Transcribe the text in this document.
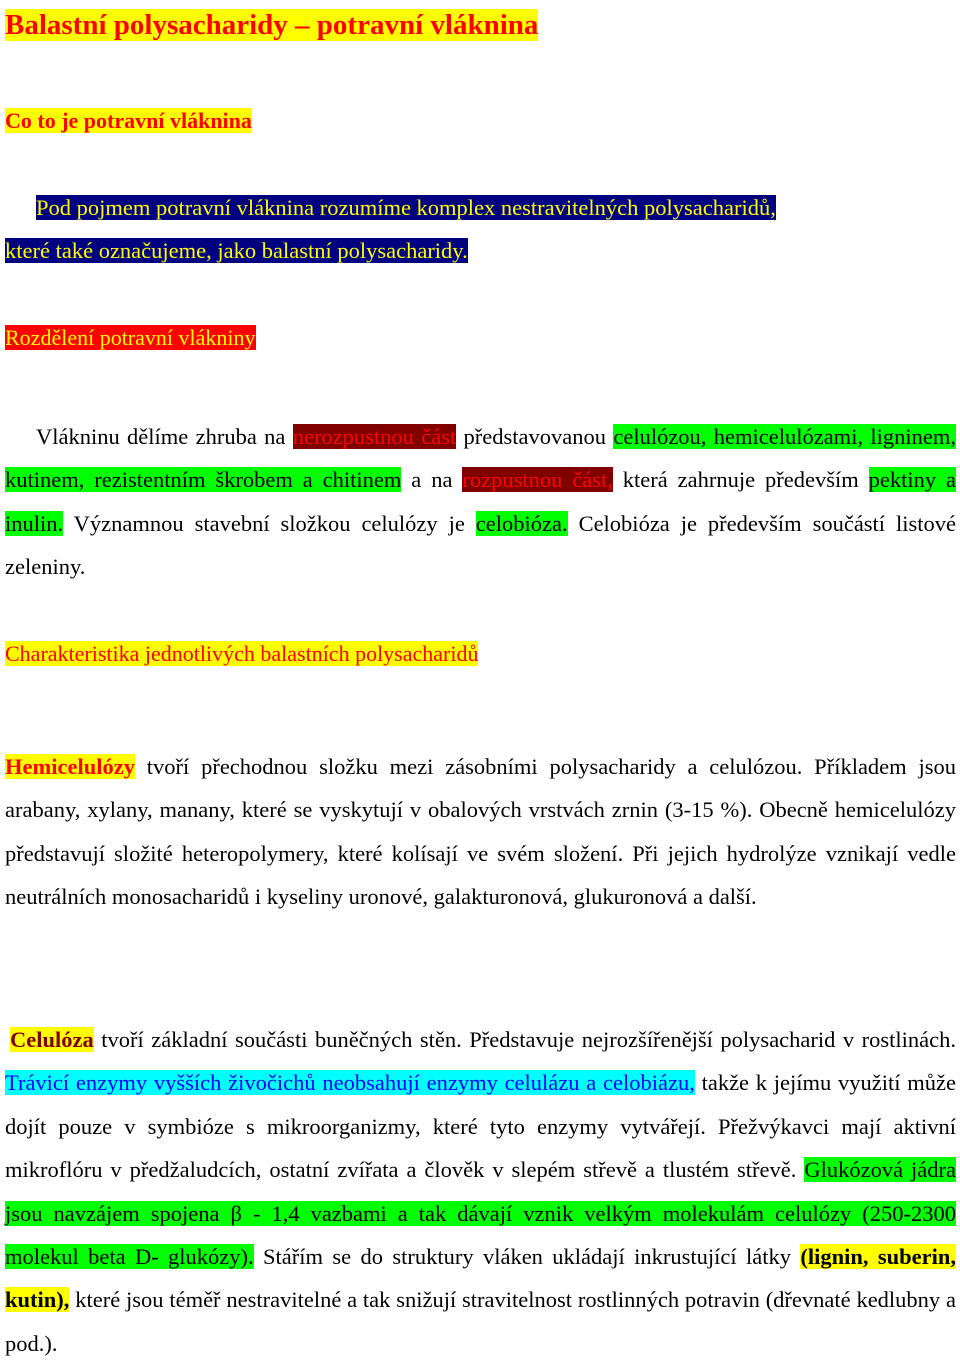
Balastní polysacharidy – potravní vláknina

Co to je potravní vláknina

Pod pojmem potravní vláknina rozumíme komplex nestravitelných polysacharidů,
které také označujeme, jako balastní polysacharidy.

Rozdělení potravní vlákniny

Vlákninu dělíme zhruba na nerozpustnou část představovanou celulózou, hemicelulózami, ligninem, kutinem, rezistentním škrobem a chitinem a na rozpustnou část, která zahrnuje především pektiny a inulin. Významnou stavební složkou celulózy je celobióza. Celobióza je především součástí listové zeleniny.

Charakteristika jednotlivých balastních polysacharidů

Hemicelulózy tvoří přechodnou složku mezi zásobními polysacharidy a celulózou. Příkladem jsou arabany, xylany, manany, které se vyskytují v obalových vrstvách zrnin (3-15 %). Obecně hemicelulózy představují složité heteropolymery, které kolísají ve svém složení. Při jejich hydrolýze vznikají vedle neutrálních monosacharidů i kyseliny uronové, galakturonová, glukuronová a další.

Celulóza tvoří základní součásti buněčných stěn. Představuje nejrozšířenější polysacharid v rostlinách. Trávicí enzymy vyšších živočichů neobsahují enzymy celulázu a celobiázu, takže k jejímu využití může dojít pouze v symbióze s mikroorganizmy, které tyto enzymy vytvářejí. Přežvýkavci mají aktivní mikroflóru v předžaludcích, ostatní zvířata a člověk v slepém střevě a tlustém střevě. Glukózová jádra jsou navzájem spojena β - 1,4 vazbami a tak dávají vznik velkým molekulám celulózy (250-2300 molekul beta D- glukózy). Stářím se do struktury vláken ukládají inkrustující látky (lignin, suberin, kutin), které jsou téměř nestravitelné a tak snižují stravitelnost rostlinných potravin (dřevnaté kedlubny a pod.).
